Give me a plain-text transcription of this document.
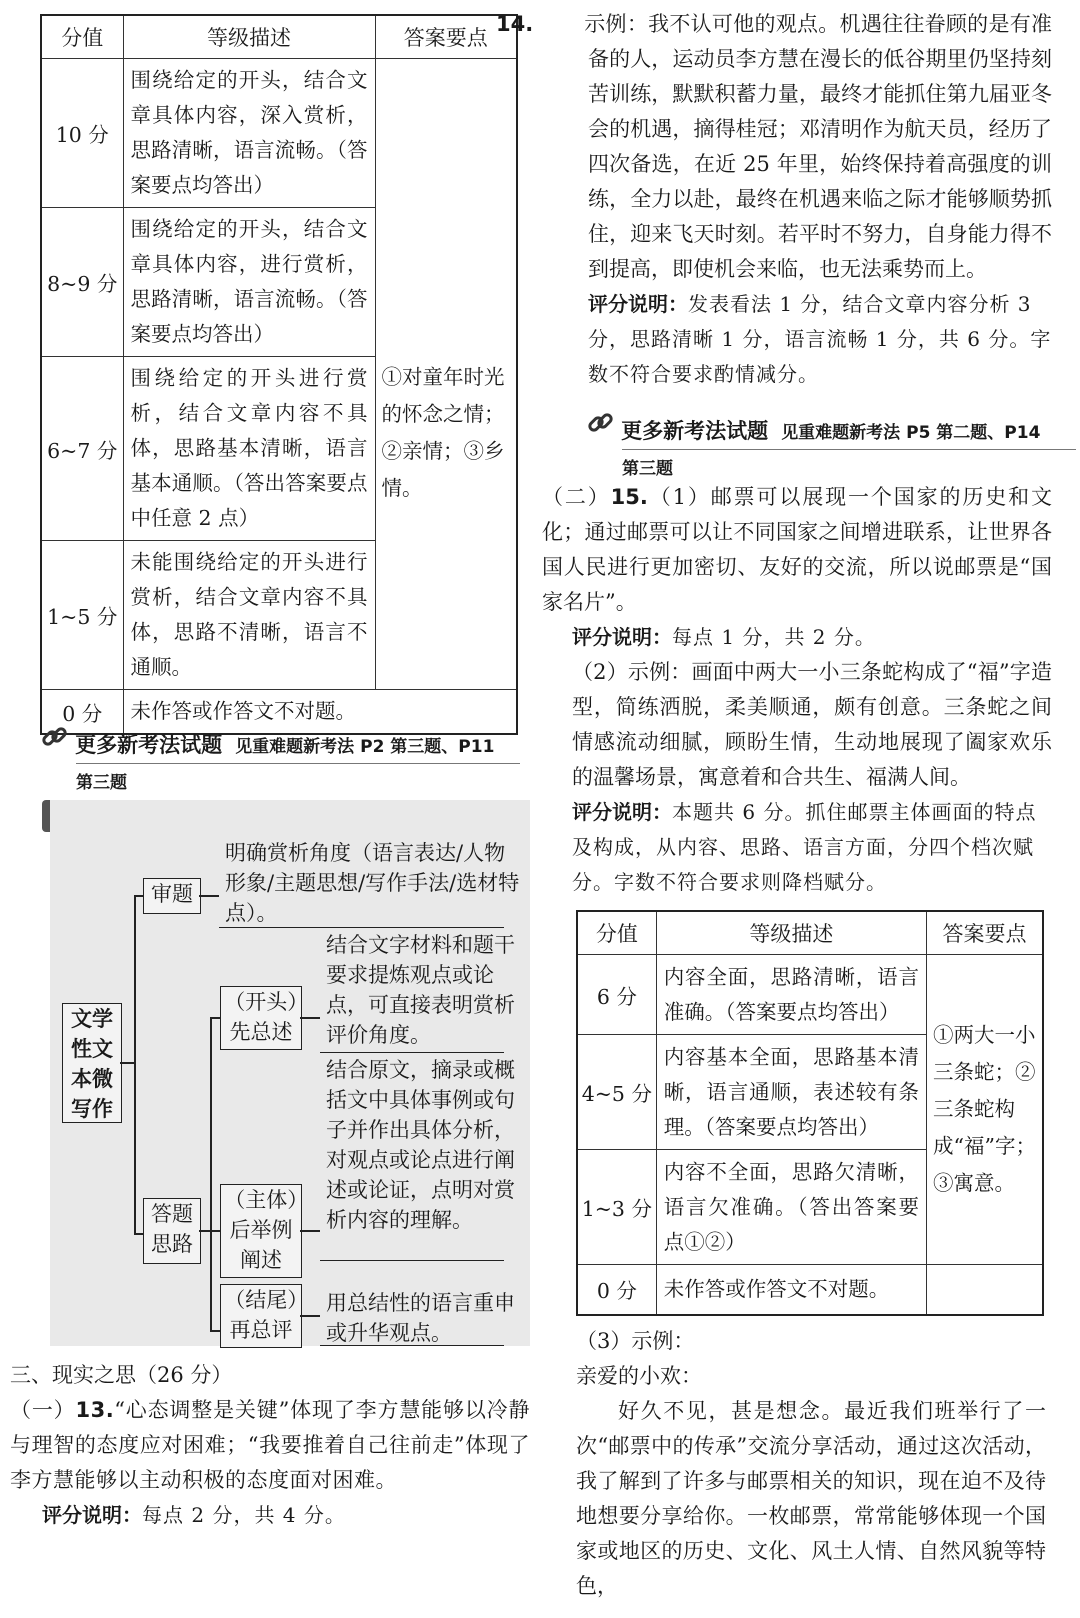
分值	等级描述	答案要点
10 分	围绕给定的开头，结合文章具体内容，深入赏析，思路清晰，语言流畅。（答案要点均答出）	①对童年时光的怀念之情；②亲情；③乡情。

8~9 分	围绕给定的开头，结合文章具体内容，进行赏析，思路清晰，语言流畅。（答案要点均答出）	
6~7 分	围绕给定的开头进行赏析，结合文章内容不具体，思路基本清晰，语言基本通顺。（答出答案要点中任意 2 点）	
1~5 分	未能围绕给定的开头进行赏析，结合文章内容不具体，思路不清晰，语言不通顺。	
0 分	未作答或作答文不对题。	
更多新考法试题 见重难题新考法 P2 第三题、P11
第三题
文学性文本微写作
审题
明确赏析角度（语言表达/人物形象/主题思想/写作手法/选材特点）。
答题思路
（开头）先总述
结合文字材料和题干要求提炼观点或论点，可直接表明赏析评价角度。
（主体）后举例阐述
结合原文，摘录或概括文中具体事例或句子并作出具体分析，对观点或论点进行阐述或论证，点明对赏析内容的理解。
（结尾）再总评
用总结性的语言重申或升华观点。

三、现实之思（26 分）

（一）13.“心态调整是关键”体现了李方慧能够以冷静与理智的态度应对困难；“我要推着自己往前走”体现了李方慧能够以主动积极的态度面对困难。

评分说明：每点 2 分，共 4 分。

14. 示例：我不认可他的观点。机遇往往眷顾的是有准备的人，运动员李方慧在漫长的低谷期里仍坚持刻苦训练，默默积蓄力量，最终才能抓住第九届亚冬会的机遇，摘得桂冠；邓清明作为航天员，经历了四次备选，在近 25 年里，始终保持着高强度的训练，全力以赴，最终在机遇来临之际才能够顺势抓住，迎来飞天时刻。若平时不努力，自身能力得不到提高，即使机会来临，也无法乘势而上。

评分说明：发表看法 1 分，结合文章内容分析 3 分，思路清晰 1 分，语言流畅 1 分，共 6 分。字数不符合要求酌情减分。

更多新考法试题 见重难题新考法 P5 第二题、P14
第三题

（二）15.（1）邮票可以展现一个国家的历史和文化；通过邮票可以让不同国家之间增进联系，让世界各国人民进行更加密切、友好的交流，所以说邮票是“国家名片”。

评分说明：每点 1 分，共 2 分。

（2）示例：画面中两大一小三条蛇构成了“福”字造型，简练洒脱，柔美顺通，颇有创意。三条蛇之间情感流动细腻，顾盼生情，生动地展现了阖家欢乐的温馨场景，寓意着和合共生、福满人间。

评分说明：本题共 6 分。抓住邮票主体画面的特点及构成，从内容、思路、语言方面，分四个档次赋分。字数不符合要求则降档赋分。

分值	等级描述	答案要点
6 分	内容全面，思路清晰，语言准确。（答案要点均答出）	①两大一小三条蛇；②三条蛇构成“福”字；③寓意。

4~5 分	内容基本全面，思路基本清晰，语言通顺，表述较有条理。（答案要点均答出）	
1~3 分	内容不全面，思路欠清晰，语言欠准确。（答出答案要点①②）	
0 分	未作答或作答文不对题。	

（3）示例：

亲爱的小欢：

好久不见，甚是想念。最近我们班举行了一次“邮票中的传承”交流分享活动，通过这次活动，我了解到了许多与邮票相关的知识，现在迫不及待地想要分享给你。一枚邮票，常常能够体现一个国家或地区的历史、文化、风土人情、自然风貌等特色，
